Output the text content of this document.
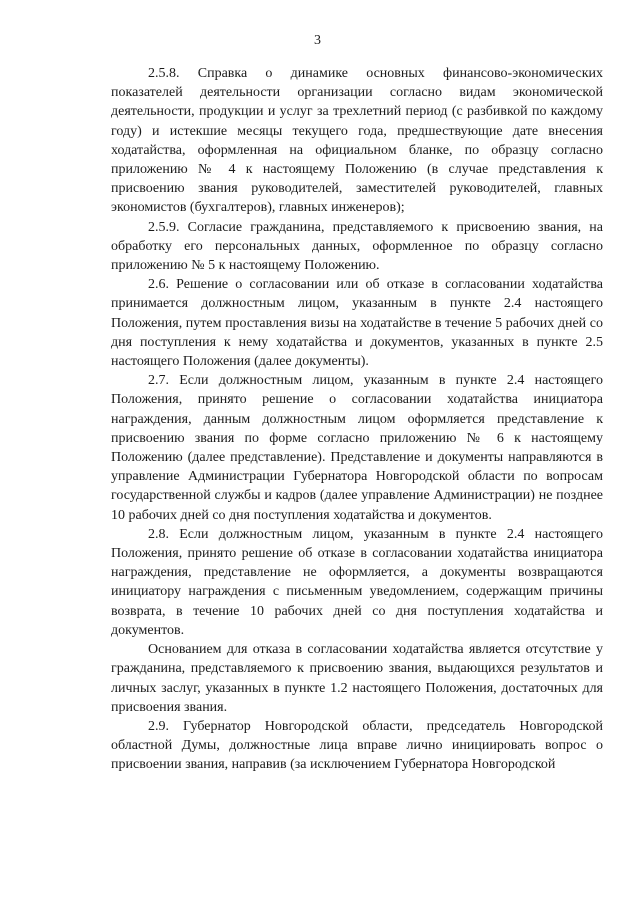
3

2.5.8. Справка о динамике основных финансово-экономических показателей деятельности организации согласно видам экономической деятельности, продукции и услуг за трехлетний период (с разбивкой по каждому году) и истекшие месяцы текущего года, предшествующие дате внесения ходатайства, оформленная на официальном бланке, по образцу согласно приложению № 4 к настоящему Положению (в случае представления к присвоению звания руководителей, заместителей руководителей, главных экономистов (бухгалтеров), главных инженеров);

2.5.9. Согласие гражданина, представляемого к присвоению звания, на обработку его персональных данных, оформленное по образцу согласно приложению № 5 к настоящему Положению.

2.6. Решение о согласовании или об отказе в согласовании ходатайства принимается должностным лицом, указанным в пункте 2.4 настоящего Положения, путем проставления визы на ходатайстве в течение 5 рабочих дней со дня поступления к нему ходатайства и документов, указанных в пункте 2.5 настоящего Положения (далее документы).

2.7. Если должностным лицом, указанным в пункте 2.4 настоящего Положения, принято решение о согласовании ходатайства инициатора награждения, данным должностным лицом оформляется представление к присвоению звания по форме согласно приложению № 6 к настоящему Положению (далее представление). Представление и документы направляются в управление Администрации Губернатора Новгородской области по вопросам государственной службы и кадров (далее управление Администрации) не позднее 10 рабочих дней со дня поступления ходатайства и документов.

2.8. Если должностным лицом, указанным в пункте 2.4 настоящего Положения, принято решение об отказе в согласовании ходатайства инициатора награждения, представление не оформляется, а документы возвращаются инициатору награждения с письменным уведомлением, содержащим причины возврата, в течение 10 рабочих дней со дня поступления ходатайства и документов.

Основанием для отказа в согласовании ходатайства является отсутствие у гражданина, представляемого к присвоению звания, выдающихся результатов и личных заслуг, указанных в пункте 1.2 настоящего Положения, достаточных для присвоения звания.

2.9. Губернатор Новгородской области, председатель Новгородской областной Думы, должностные лица вправе лично инициировать вопрос о присвоении звания, направив (за исключением Губернатора Новгородской
